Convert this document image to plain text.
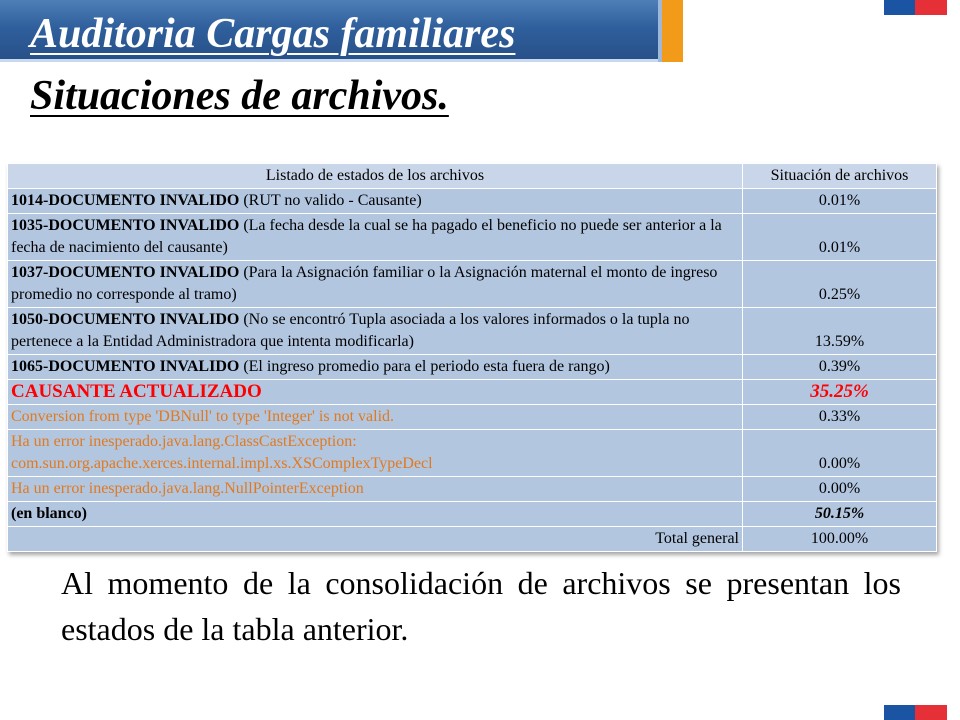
Auditoria Cargas familiares
Situaciones de archivos.
Listado de estados de los archivos	Situación de archivos
1014-DOCUMENTO INVALIDO (RUT no valido - Causante)	0.01%
1035-DOCUMENTO INVALIDO (La fecha desde la cual se ha pagado el beneficio no puede ser anterior a la fecha de nacimiento del causante)	0.01%
1037-DOCUMENTO INVALIDO (Para la Asignación familiar o la Asignación maternal el monto de ingreso promedio no corresponde al tramo)	0.25%
1050-DOCUMENTO INVALIDO (No se encontró Tupla asociada a los valores informados o la tupla no pertenece a la Entidad Administradora que intenta modificarla)	13.59%
1065-DOCUMENTO INVALIDO (El ingreso promedio para el periodo esta fuera de rango)	0.39%
CAUSANTE ACTUALIZADO	35.25%
Conversion from type 'DBNull' to type 'Integer' is not valid.	0.33%
Ha un error inesperado.java.lang.ClassCastException: com.sun.org.apache.xerces.internal.impl.xs.XSComplexTypeDecl	0.00%
Ha un error inesperado.java.lang.NullPointerException	0.00%
(en blanco)	50.15%
Total general	100.00%
Al momento de la consolidación de archivos se presentan los estados de la tabla anterior.
